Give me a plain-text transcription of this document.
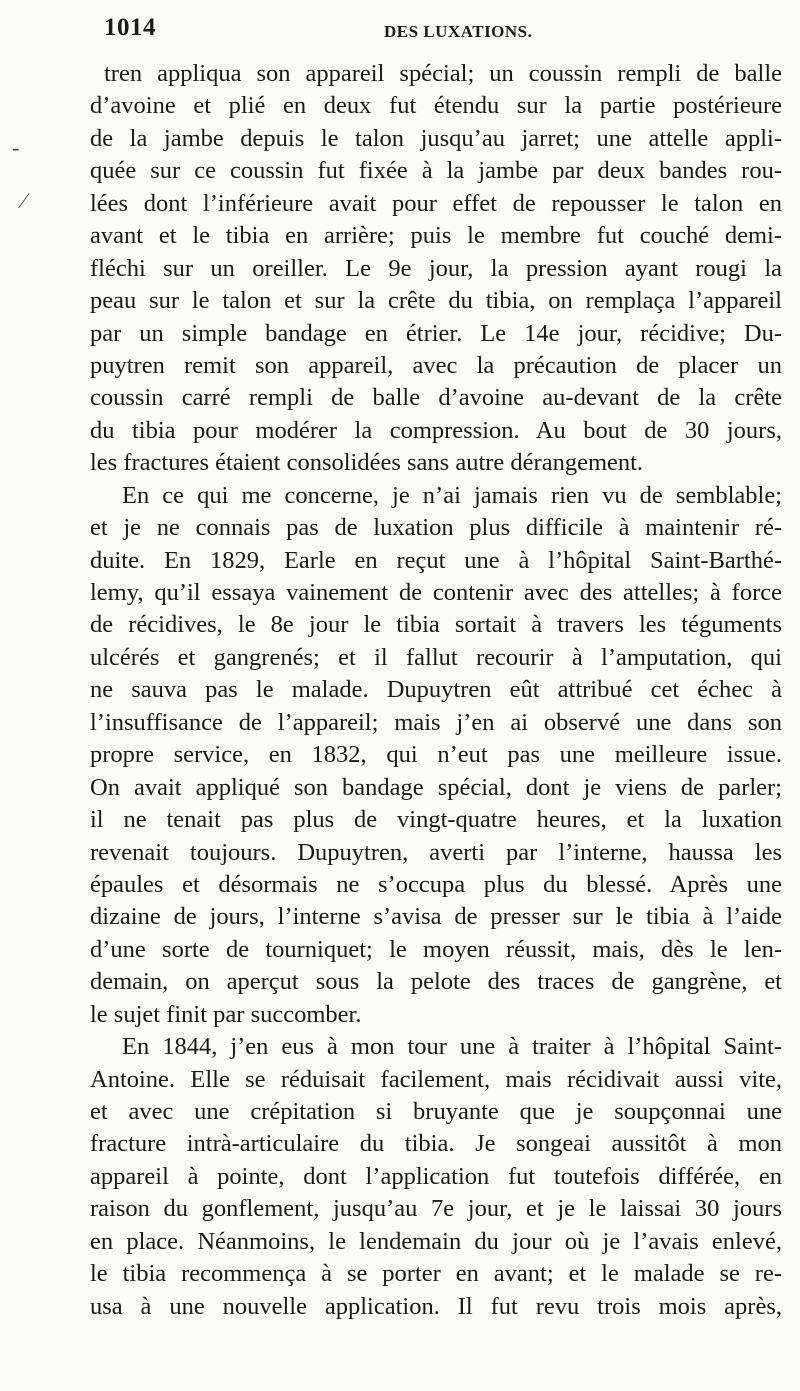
1014	DES LUXATIONS.
-
⁄
tren appliqua son appareil spécial; un coussin rempli de balle
d’avoine et plié en deux fut étendu sur la partie postérieure
de la jambe depuis le talon jusqu’au jarret; une attelle appli-
quée sur ce coussin fut fixée à la jambe par deux bandes rou-
lées dont l’inférieure avait pour effet de repousser le talon en
avant et le tibia en arrière; puis le membre fut couché demi-
fléchi sur un oreiller. Le 9e jour, la pression ayant rougi la
peau sur le talon et sur la crête du tibia, on remplaça l’appareil
par un simple bandage en étrier. Le 14e jour, récidive; Du-
puytren remit son appareil, avec la précaution de placer un
coussin carré rempli de balle d’avoine au-devant de la crête
du tibia pour modérer la compression. Au bout de 30 jours,
les fractures étaient consolidées sans autre dérangement.
En ce qui me concerne, je n’ai jamais rien vu de semblable;
et je ne connais pas de luxation plus difficile à maintenir ré-
duite. En 1829, Earle en reçut une à l’hôpital Saint-Barthé-
lemy, qu’il essaya vainement de contenir avec des attelles; à force
de récidives, le 8e jour le tibia sortait à travers les téguments
ulcérés et gangrenés; et il fallut recourir à l’amputation, qui
ne sauva pas le malade. Dupuytren eût attribué cet échec à
l’insuffisance de l’appareil; mais j’en ai observé une dans son
propre service, en 1832, qui n’eut pas une meilleure issue.
On avait appliqué son bandage spécial, dont je viens de parler;
il ne tenait pas plus de vingt-quatre heures, et la luxation
revenait toujours. Dupuytren, averti par l’interne, haussa les
épaules et désormais ne s’occupa plus du blessé. Après une
dizaine de jours, l’interne s’avisa de presser sur le tibia à l’aide
d’une sorte de tourniquet; le moyen réussit, mais, dès le len-
demain, on aperçut sous la pelote des traces de gangrène, et
le sujet finit par succomber.
En 1844, j’en eus à mon tour une à traiter à l’hôpital Saint-
Antoine. Elle se réduisait facilement, mais récidivait aussi vite,
et avec une crépitation si bruyante que je soupçonnai une
fracture intrà-articulaire du tibia. Je songeai aussitôt à mon
appareil à pointe, dont l’application fut toutefois différée, en
raison du gonflement, jusqu’au 7e jour, et je le laissai 30 jours
en place. Néanmoins, le lendemain du jour où je l’avais enlevé,
le tibia recommença à se porter en avant; et le malade se re-
usa à une nouvelle application. Il fut revu trois mois après,
